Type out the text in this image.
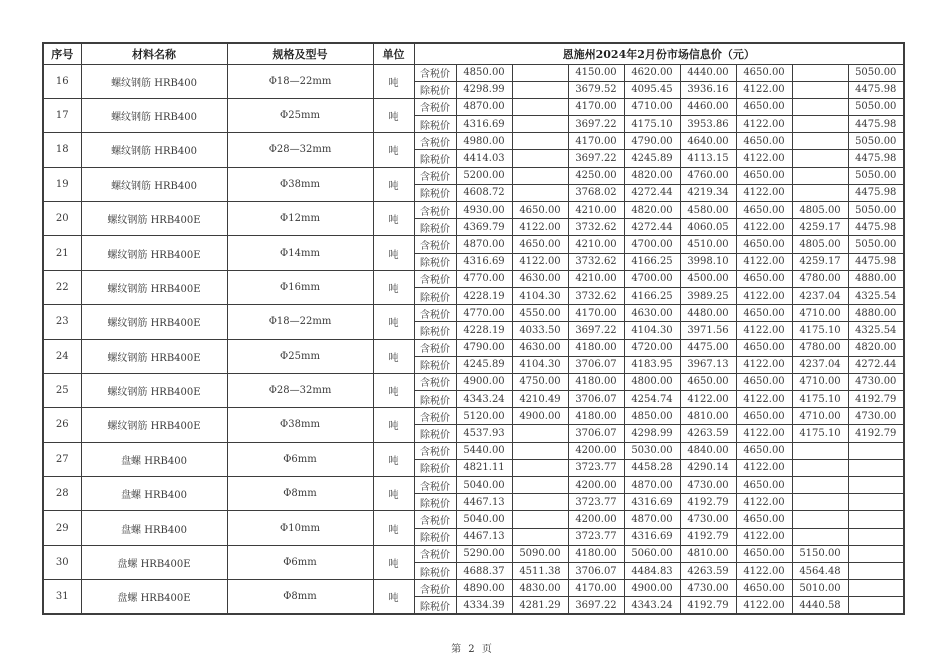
序号	材料名称	规格及型号	单位	恩施州2024年2月份市场信息价（元）								
16	螺纹钢筋 HRB400	Φ18—22mm	吨	含税价	4850.00		4150.00	4620.00	4440.00	4650.00		5050.00
				除税价	4298.99		3679.52	4095.45	3936.16	4122.00		4475.98
17	螺纹钢筋 HRB400	Φ25mm	吨	含税价	4870.00		4170.00	4710.00	4460.00	4650.00		5050.00
				除税价	4316.69		3697.22	4175.10	3953.86	4122.00		4475.98
18	螺纹钢筋 HRB400	Φ28—32mm	吨	含税价	4980.00		4170.00	4790.00	4640.00	4650.00		5050.00
				除税价	4414.03		3697.22	4245.89	4113.15	4122.00		4475.98
19	螺纹钢筋 HRB400	Φ38mm	吨	含税价	5200.00		4250.00	4820.00	4760.00	4650.00		5050.00
				除税价	4608.72		3768.02	4272.44	4219.34	4122.00		4475.98
20	螺纹钢筋 HRB400E	Φ12mm	吨	含税价	4930.00	4650.00	4210.00	4820.00	4580.00	4650.00	4805.00	5050.00
				除税价	4369.79	4122.00	3732.62	4272.44	4060.05	4122.00	4259.17	4475.98
21	螺纹钢筋 HRB400E	Φ14mm	吨	含税价	4870.00	4650.00	4210.00	4700.00	4510.00	4650.00	4805.00	5050.00
				除税价	4316.69	4122.00	3732.62	4166.25	3998.10	4122.00	4259.17	4475.98
22	螺纹钢筋 HRB400E	Φ16mm	吨	含税价	4770.00	4630.00	4210.00	4700.00	4500.00	4650.00	4780.00	4880.00
				除税价	4228.19	4104.30	3732.62	4166.25	3989.25	4122.00	4237.04	4325.54
23	螺纹钢筋 HRB400E	Φ18—22mm	吨	含税价	4770.00	4550.00	4170.00	4630.00	4480.00	4650.00	4710.00	4880.00
				除税价	4228.19	4033.50	3697.22	4104.30	3971.56	4122.00	4175.10	4325.54
24	螺纹钢筋 HRB400E	Φ25mm	吨	含税价	4790.00	4630.00	4180.00	4720.00	4475.00	4650.00	4780.00	4820.00
				除税价	4245.89	4104.30	3706.07	4183.95	3967.13	4122.00	4237.04	4272.44
25	螺纹钢筋 HRB400E	Φ28—32mm	吨	含税价	4900.00	4750.00	4180.00	4800.00	4650.00	4650.00	4710.00	4730.00
				除税价	4343.24	4210.49	3706.07	4254.74	4122.00	4122.00	4175.10	4192.79
26	螺纹钢筋 HRB400E	Φ38mm	吨	含税价	5120.00	4900.00	4180.00	4850.00	4810.00	4650.00	4710.00	4730.00
				除税价	4537.93		3706.07	4298.99	4263.59	4122.00	4175.10	4192.79
27	盘螺 HRB400	Φ6mm	吨	含税价	5440.00		4200.00	5030.00	4840.00	4650.00		
				除税价	4821.11		3723.77	4458.28	4290.14	4122.00		
28	盘螺 HRB400	Φ8mm	吨	含税价	5040.00		4200.00	4870.00	4730.00	4650.00		
				除税价	4467.13		3723.77	4316.69	4192.79	4122.00		
29	盘螺 HRB400	Φ10mm	吨	含税价	5040.00		4200.00	4870.00	4730.00	4650.00		
				除税价	4467.13		3723.77	4316.69	4192.79	4122.00		
30	盘螺 HRB400E	Φ6mm	吨	含税价	5290.00	5090.00	4180.00	5060.00	4810.00	4650.00	5150.00	
				除税价	4688.37	4511.38	3706.07	4484.83	4263.59	4122.00	4564.48	
31	盘螺 HRB400E	Φ8mm	吨	含税价	4890.00	4830.00	4170.00	4900.00	4730.00	4650.00	5010.00	
				除税价	4334.39	4281.29	3697.22	4343.24	4192.79	4122.00	4440.58	
第 2 页
